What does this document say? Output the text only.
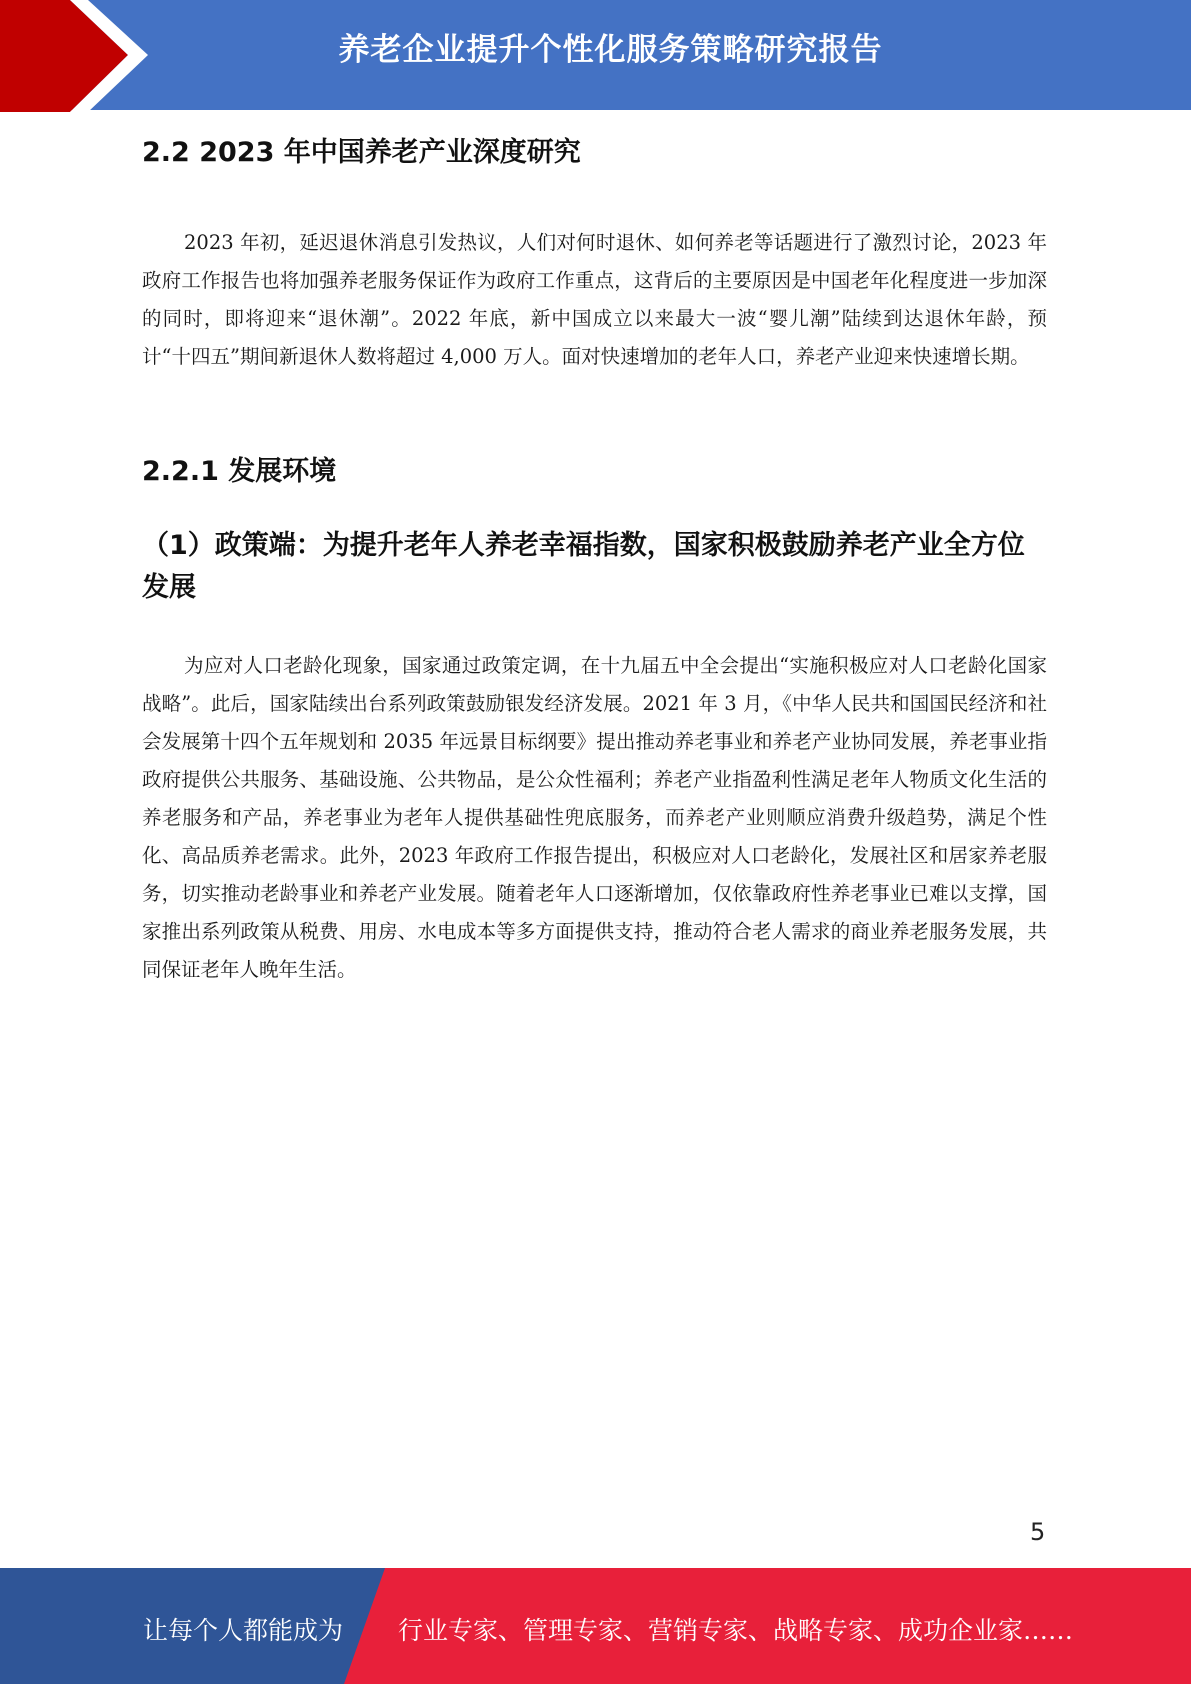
养老企业提升个性化服务策略研究报告
2.2 2023 年中国养老产业深度研究

2023 年初，延迟退休消息引发热议，人们对何时退休、如何养老等话题进行了激烈讨论，2023 年政府工作报告也将加强养老服务保证作为政府工作重点，这背后的主要原因是中国老年化程度进一步加深的同时，即将迎来“退休潮”。2022 年底，新中国成立以来最大一波“婴儿潮”陆续到达退休年龄，预计“十四五”期间新退休人数将超过 4,000 万人。面对快速增加的老年人口，养老产业迎来快速增长期。

2.2.1 发展环境
（1）政策端：为提升老年人养老幸福指数，国家积极鼓励养老产业全方位发展

为应对人口老龄化现象，国家通过政策定调，在十九届五中全会提出“实施积极应对人口老龄化国家战略”。此后，国家陆续出台系列政策鼓励银发经济发展。2021 年 3 月，《中华人民共和国国民经济和社会发展第十四个五年规划和 2035 年远景目标纲要》提出推动养老事业和养老产业协同发展，养老事业指政府提供公共服务、基础设施、公共物品，是公众性福利；养老产业指盈利性满足老年人物质文化生活的养老服务和产品，养老事业为老年人提供基础性兜底服务，而养老产业则顺应消费升级趋势，满足个性化、高品质养老需求。此外，2023 年政府工作报告提出，积极应对人口老龄化，发展社区和居家养老服务，切实推动老龄事业和养老产业发展。随着老年人口逐渐增加，仅依靠政府性养老事业已难以支撑，国家推出系列政策从税费、用房、水电成本等多方面提供支持，推动符合老人需求的商业养老服务发展，共同保证老年人晚年生活。

5
让每个人都能成为 行业专家、管理专家、营销专家、战略专家、成功企业家……
